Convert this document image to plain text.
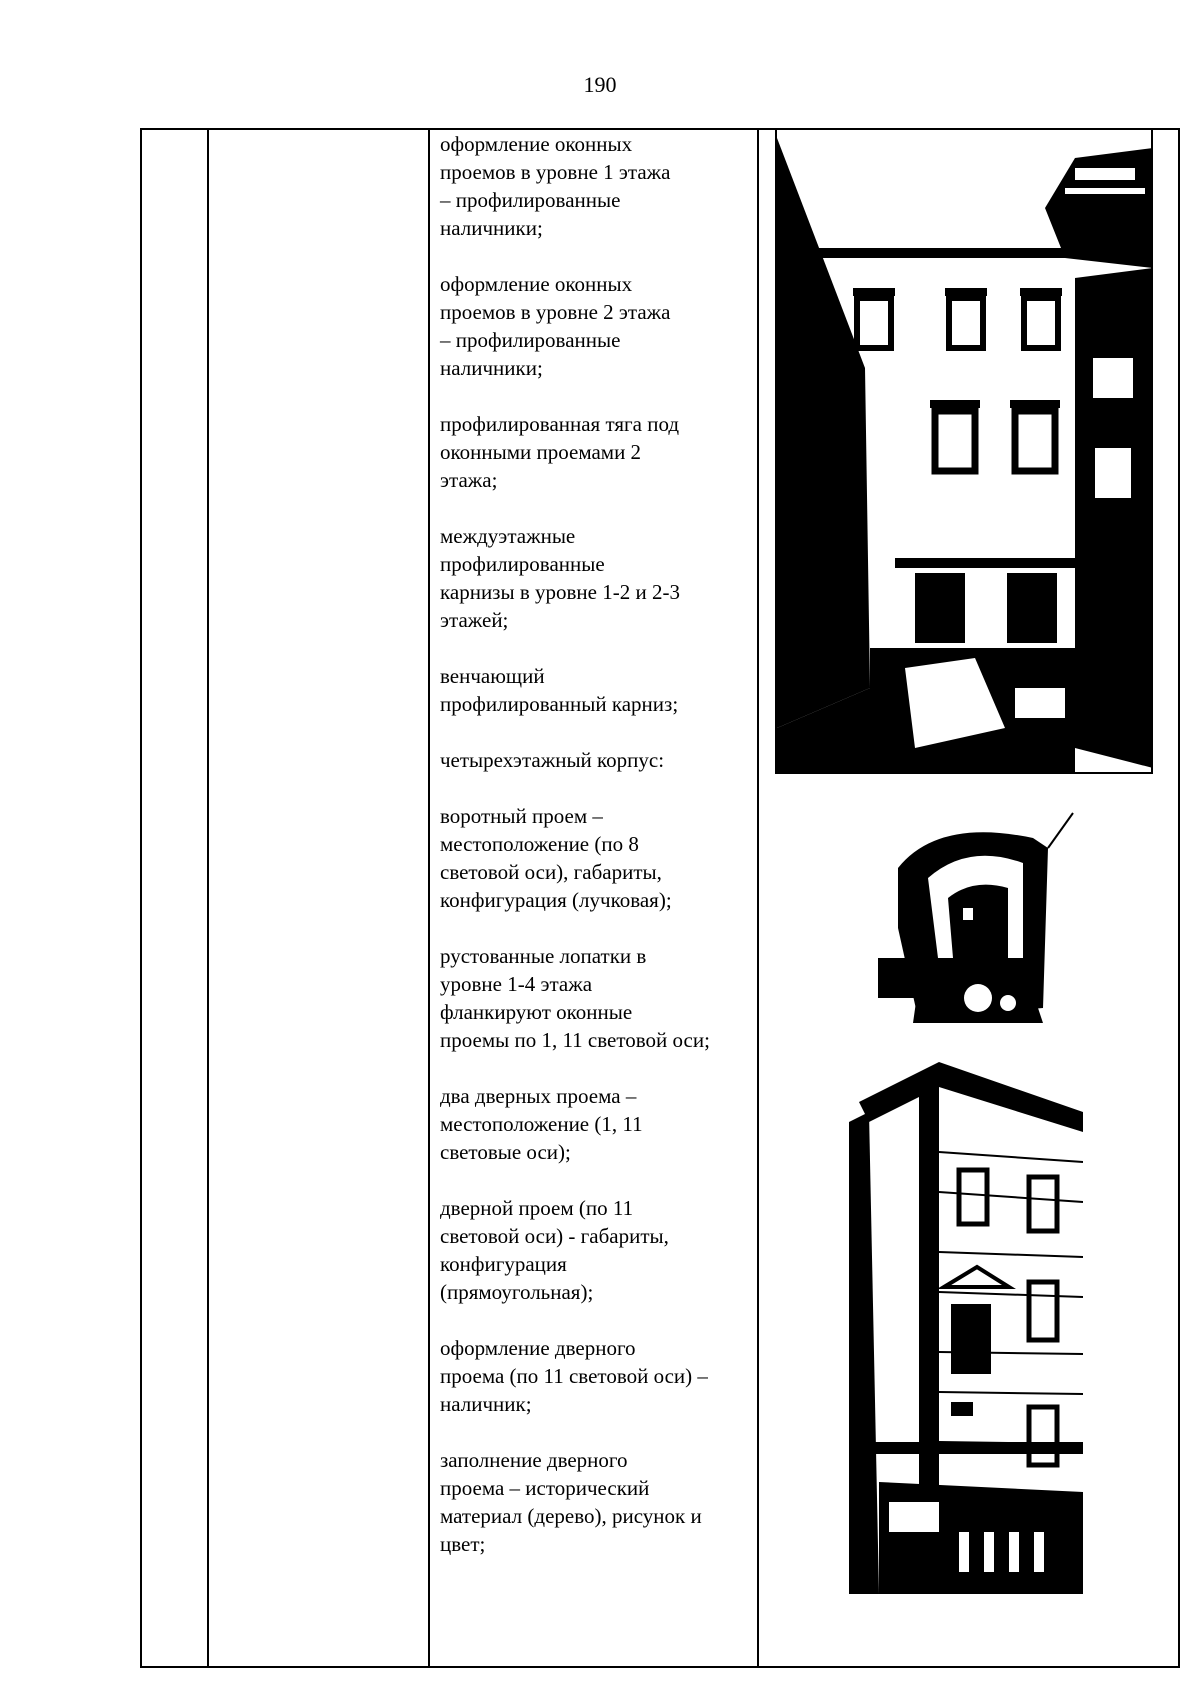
190

оформление оконных
проемов в уровне 1 этажа
– профилированные
наличники;

оформление оконных
проемов в уровне 2 этажа
– профилированные
наличники;

профилированная тяга под
оконными проемами 2
этажа;

междуэтажные
профилированные
карнизы в уровне 1-2 и 2-3
этажей;

венчающий
профилированный карниз;

четырехэтажный корпус:

воротный проем –
местоположение (по 8
световой оси), габариты,
конфигурация (лучковая);

рустованные лопатки в
уровне 1-4 этажа
фланкируют оконные
проемы по 1, 11 световой оси;

два дверных проема –
местоположение (1, 11
световые оси);

дверной проем (по 11
световой оси) - габариты,
конфигурация
(прямоугольная);

оформление дверного
проема (по 11 световой оси) –
наличник;

заполнение дверного
проема – исторический
материал (дерево), рисунок и
цвет;
